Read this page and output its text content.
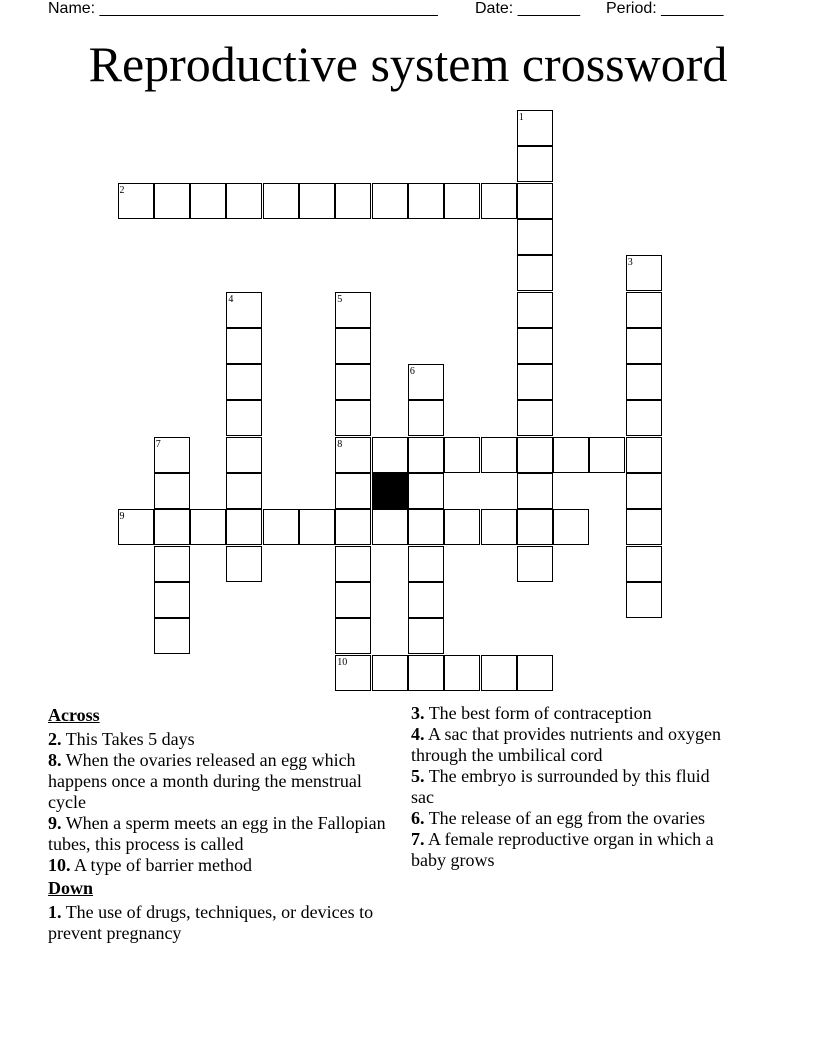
Name: ______________________________________ Date: _______ Period: _______
Reproductive system crossword
2
8
9
10
1
3
4	5
6
7
Across
2. This Takes 5 days
8. When the ovaries released an egg which happens once a month during the menstrual cycle
9. When a sperm meets an egg in the Fallopian tubes, this process is called
10. A type of barrier method
Down
1. The use of drugs, techniques, or devices to prevent pregnancy
3. The best form of contraception
4. A sac that provides nutrients and oxygen through the umbilical cord
5. The embryo is surrounded by this fluid sac
6. The release of an egg from the ovaries
7. A female reproductive organ in which a baby grows
